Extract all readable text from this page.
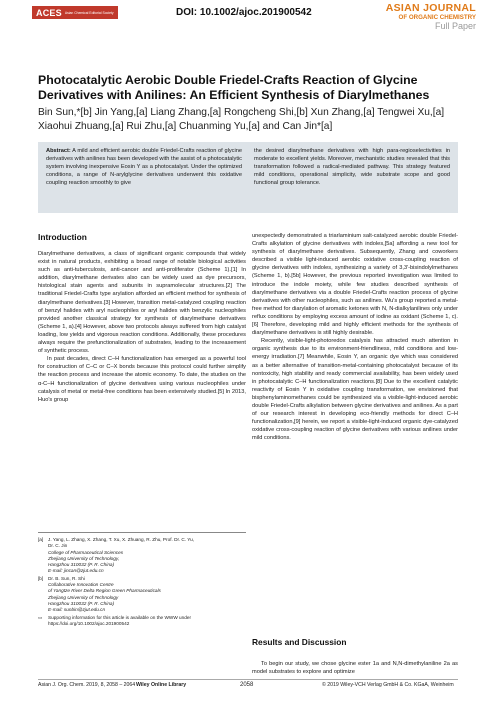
ACES Asian Chemical Editorial Society	DOI: 10.1002/ajoc.201900542	ASIAN JOURNAL
OF ORGANIC CHEMISTRY
Full Paper
Photocatalytic Aerobic Double Friedel-Crafts Reaction of Glycine Derivatives with Anilines: An Efficient Synthesis of Diarylmethanes
Bin Sun,*[b] Jin Yang,[a] Liang Zhang,[a] Rongcheng Shi,[b] Xun Zhang,[a] Tengwei Xu,[a]
Xiaohui Zhuang,[a] Rui Zhu,[a] Chuanming Yu,[a] and Can Jin*[a]
Abstract: A mild and efficient aerobic double Friedel-Crafts reaction of glycine derivatives with anilines has been developed with the assist of a photocatalytic system involving inexpensive Eosin Y as a photocatalyst. Under the optimized conditions, a range of N-arylglycine derivatives underwent this oxidative coupling reaction smoothly to give
the desired diarylmethane derivatives with high para-regioselectivities in moderate to excellent yields. Moreover, mechanistic studies revealed that this transformation followed a radical-mediated pathway. This strategy featured mild conditions, operational simplicity, wide substrate scope and good functional group tolerance.
Introduction

Diarylmethane derivatives, a class of significant organic compounds that widely exist in natural products, exhibiting a broad range of notable biological activities such as anti-tuberculosis, anti-cancer and anti-proliferator (Scheme 1).[1] In addition, diarylmethane derivates also can be widely used as dye precursors, histological stain agents and subunits in supramolecular structures.[2] The traditional Friedel-Crafts type arylation afforded an efficient method for synthesis of diarylmethane derivatives.[3] However, transition metal-catalyzed coupling reaction of benzyl halides with aryl nucleophiles or aryl halides with benzylic nucleophiles provided another classical strategy for synthesis of diarylmethane derivatives (Scheme 1, a).[4] However, above two protocols always suffered from high catalyst loading, low yields and vigorous reaction conditions. Additionally, these procedures always require the prefunctionalization of substrates, leading to the increasement of synthetic process.

In past decades, direct C–H functionalization has emerged as a powerful tool for construction of C–C or C–X bonds because this protocol could further simplify the reaction process and increase the atomic economy. To date, the studies on the α-C–H functionalization of glycine derivatives using various nucleophiles under catalysis of metal or metal-free conditions has been extensively studied.[5] In 2013, Huo's group

[a]	J. Yang, L. Zhang, X. Zhang, T. Xu, X. Zhuang, R. Zhu, Prof. Dr. C. Yu,
Dr. C. Jin
College of Pharmaceutical Sciences
Zhejiang University of Technology,
Hangzhou 310032 (P. R. China)
E-mail: jincan@zjut.edu.cn
[b]	Dr. B. Sun, R. Shi
Collaborative Innovation Centre
of Yangtze River Delta Region Green Pharmaceuticals
Zhejiang University of Technology
Hangzhou 310032 (P. R. China)
E-mail: sunbin@zjut.edu.cn
▭	Supporting information for this article is available on the WWW under
https://doi.org/10.1002/ajoc.201900542

unexpectedly demonstrated a triarlaminium salt-catalyzed aerobic double Friedel-Crafts alkylation of glycine derivatives with indoles,[5a] affording a new tool for synthesis of diarylmethane derivatives. Subsequently, Zhang and coworkers described a visible light-induced aerobic oxidative cross-coupling reaction of glycine derivatives with indoles, synthesizing a variety of 3,3′-bisindolylmethanes (Scheme 1, b).[5b] However, the previous reported investigation was limited to introduce the indole moiety, while few studies described synthesis of diarylmethane derivatives via a double Friedel-Crafts reaction process of glycine derivatives with other nucleophiles, such as anilines. Wu's group reported a metal-free method for diarylation of aromatic ketones with N, N-dialkylanilines only under reflux conditions by employing excess amount of iodine as oxidant (Scheme 1, c).[6] Therefore, developing mild and highly efficient methods for the synthesis of diarylmethane derivatives is still highly desirable.

Recently, visible-light-photoredox catalysis has attracted much attention in organic synthesis due to its environment-friendliness, mild conditions and low-energy irradiation.[7] Meanwhile, Eosin Y, an organic dye which was considered as a better alternative of transition-metal-containing photocatalyst because of its nontoxicity, high stability and ready commercial availability, has been widely used in photocatalytic C–H functionalization reactions.[8] Due to the excellent catalytic reactivity of Eosin Y in oxidative coupling transformation, we envisioned that bisphenylaminomethanes could be synthesized via a visible-light-induced aerobic double Friedel-Crafts alkylation between glycine derivatives and anilines. As a part of our research interest in developing eco-friendly methods for direct C–H functionalization,[9] herein, we report a visible-light-induced organic dye-catalyzed oxidative cross-coupling reaction of glycine derivatives with various anilines under mild conditions.

Results and Discussion

To begin our study, we chose glycine ester 1a and N,N-dimethylaniline 2a as model substrates to explore and optimize

Asian J. Org. Chem. 2019, 8, 2058 – 2064 Wiley Online Library	2058	© 2019 Wiley-VCH Verlag GmbH & Co. KGaA, Weinheim
